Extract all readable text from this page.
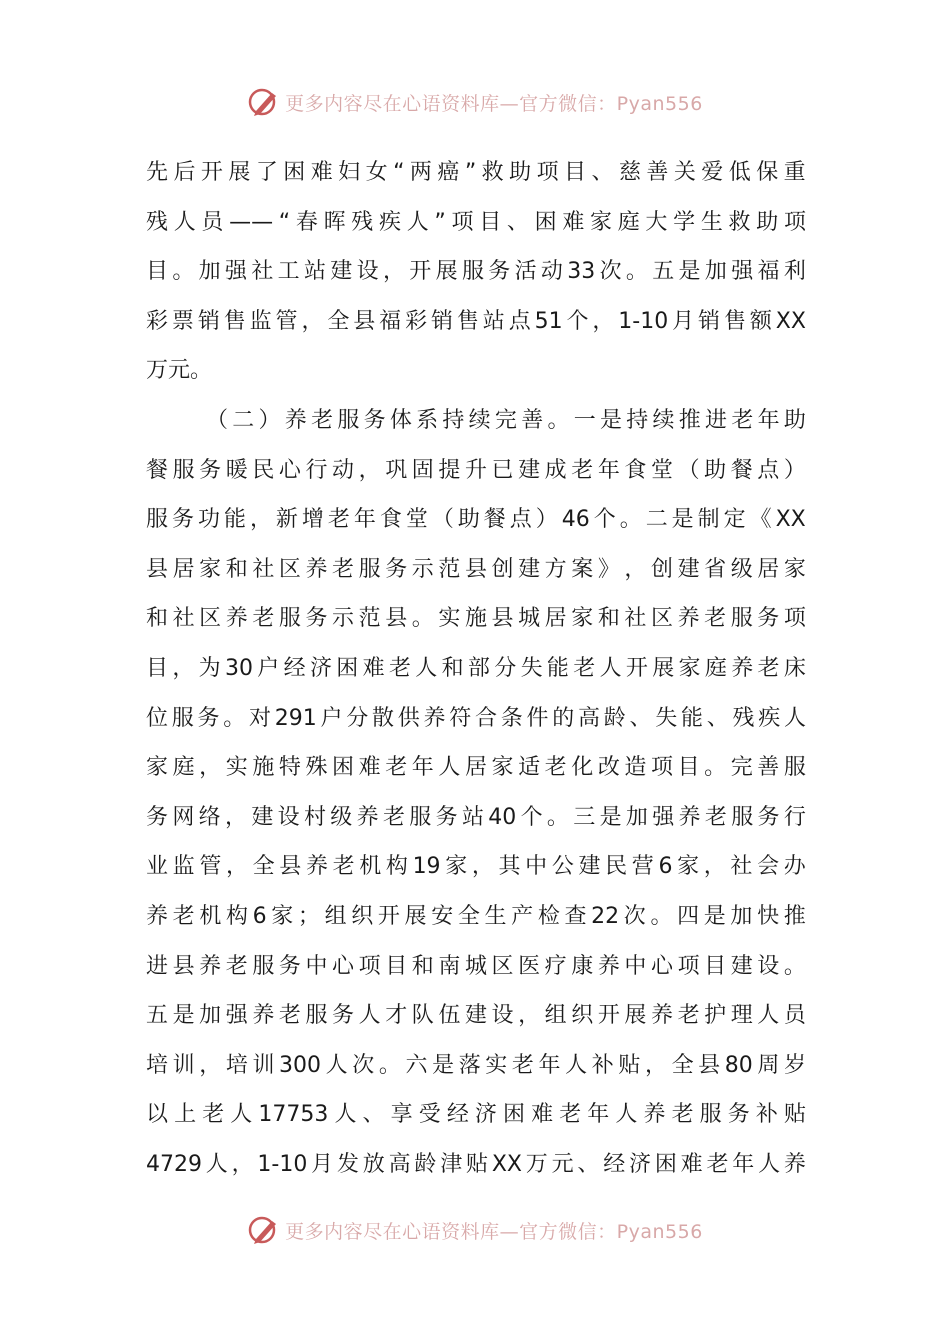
更多内容尽在心语资料库—官方微信：Pyan556
先 后 开 展 了 困 难 妇 女 “ 两 癌 ” 救 助 项 目 、 慈 善 关 爱 低 保 重
残 人 员 —— “ 春 晖 残 疾 人 ” 项 目 、 困 难 家 庭 大 学 生 救 助 项
目 。 加 强 社 工 站 建 设 ， 开 展 服 务 活 动 33 次 。 五 是 加 强 福 利
彩 票 销 售 监 管 ， 全 县 福 彩 销 售 站 点 51 个 ， 1-10 月 销 售 额 XX
万 元 。
（ 二 ） 养 老 服 务 体 系 持 续 完 善 。 一 是 持 续 推 进 老 年 助
餐 服 务 暖 民 心 行 动 ， 巩 固 提 升 已 建 成 老 年 食 堂 （ 助 餐 点 ）
服 务 功 能 ， 新 增 老 年 食 堂 （ 助 餐 点 ） 46 个 。 二 是 制 定 《 XX
县 居 家 和 社 区 养 老 服 务 示 范 县 创 建 方 案 》 ， 创 建 省 级 居 家
和 社 区 养 老 服 务 示 范 县 。 实 施 县 城 居 家 和 社 区 养 老 服 务 项
目 ， 为 30 户 经 济 困 难 老 人 和 部 分 失 能 老 人 开 展 家 庭 养 老 床
位 服 务 。 对 291 户 分 散 供 养 符 合 条 件 的 高 龄 、 失 能 、 残 疾 人
家 庭 ， 实 施 特 殊 困 难 老 年 人 居 家 适 老 化 改 造 项 目 。 完 善 服
务 网 络 ， 建 设 村 级 养 老 服 务 站 40 个 。 三 是 加 强 养 老 服 务 行
业 监 管 ， 全 县 养 老 机 构 19 家 ， 其 中 公 建 民 营 6 家 ， 社 会 办
养 老 机 构 6 家 ； 组 织 开 展 安 全 生 产 检 查 22 次 。 四 是 加 快 推
进 县 养 老 服 务 中 心 项 目 和 南 城 区 医 疗 康 养 中 心 项 目 建 设 。
五 是 加 强 养 老 服 务 人 才 队 伍 建 设 ， 组 织 开 展 养 老 护 理 人 员
培 训 ， 培 训 300 人 次 。 六 是 落 实 老 年 人 补 贴 ， 全 县 80 周 岁
以 上 老 人 17753 人 、 享 受 经 济 困 难 老 年 人 养 老 服 务 补 贴
4729 人 ， 1-10 月 发 放 高 龄 津 贴 XX 万 元 、 经 济 困 难 老 年 人 养
更多内容尽在心语资料库—官方微信：Pyan556
